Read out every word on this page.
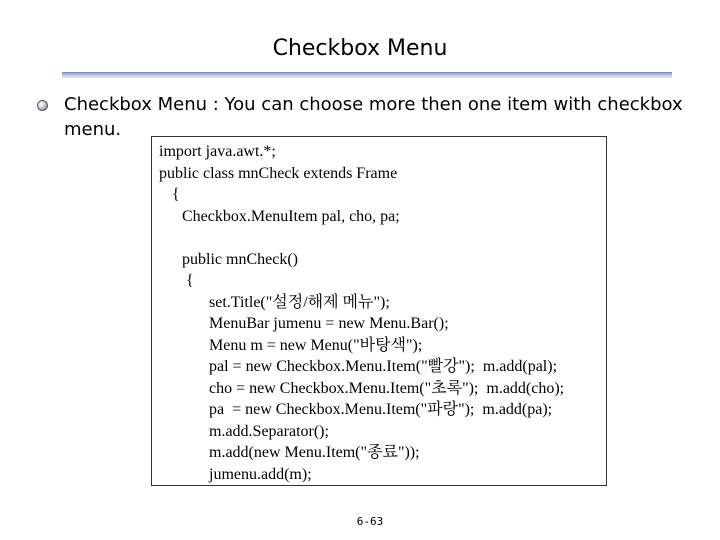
Checkbox Menu

Checkbox Menu : You can choose more then one item with checkbox menu.

import java.awt.*;
public class mnCheck extends Frame
{
Checkbox.MenuItem pal, cho, pa;

public mnCheck()
{
set.Title("설정/해제 메뉴");
MenuBar jumenu = new Menu.Bar();
Menu m = new Menu("바탕색");
pal = new Checkbox.Menu.Item("빨강");  m.add(pal);
cho = new Checkbox.Menu.Item("초록");  m.add(cho);
pa  = new Checkbox.Menu.Item("파랑");  m.add(pa);
m.add.Separator();
m.add(new Menu.Item("종료"));
jumenu.add(m);
6-63
